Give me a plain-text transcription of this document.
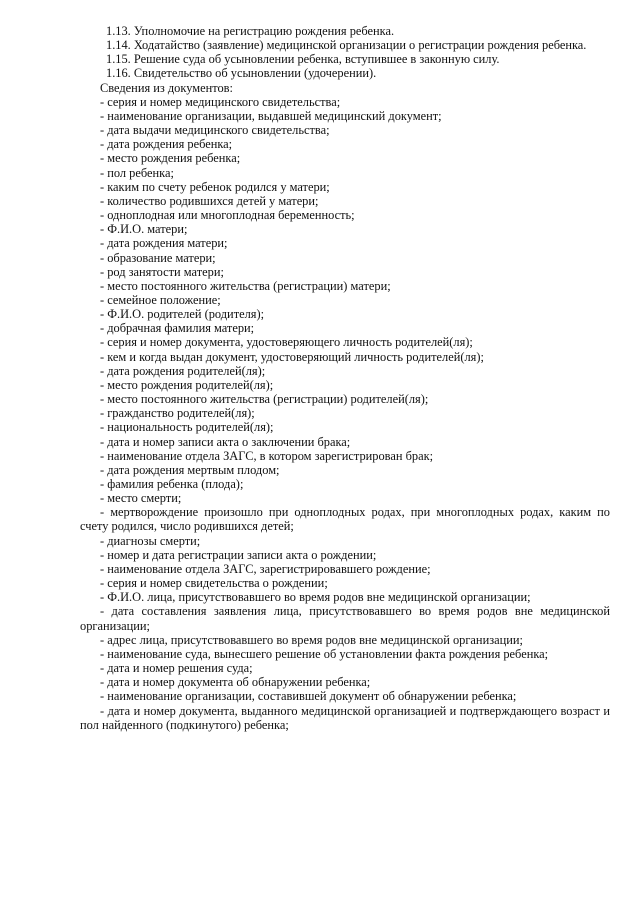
1.13. Уполномочие на регистрацию рождения ребенка.

1.14. Ходатайство (заявление) медицинской организации о регистрации рождения ребенка.

1.15. Решение суда об усыновлении ребенка, вступившее в законную силу.

1.16. Свидетельство об усыновлении (удочерении).

Сведения из документов:

- серия и номер медицинского свидетельства;

- наименование организации, выдавшей медицинский документ;

- дата выдачи медицинского свидетельства;

- дата рождения ребенка;

- место рождения ребенка;

- пол ребенка;

- каким по счету ребенок родился у матери;

- количество родившихся детей у матери;

- одноплодная или многоплодная беременность;

- Ф.И.О. матери;

- дата рождения матери;

- образование матери;

- род занятости матери;

- место постоянного жительства (регистрации) матери;

- семейное положение;

- Ф.И.О. родителей (родителя);

- добрачная фамилия матери;

- серия и номер документа, удостоверяющего личность родителей(ля);

- кем и когда выдан документ, удостоверяющий личность родителей(ля);

- дата рождения родителей(ля);

- место рождения родителей(ля);

- место постоянного жительства (регистрации) родителей(ля);

- гражданство родителей(ля);

- национальность родителей(ля);

- дата и номер записи акта о заключении брака;

- наименование отдела ЗАГС, в котором зарегистрирован брак;

- дата рождения мертвым плодом;

- фамилия ребенка (плода);

- место смерти;

- мертворождение произошло при одноплодных родах, при многоплодных родах, каким по счету родился, число родившихся детей;

- диагнозы смерти;

- номер и дата регистрации записи акта о рождении;

- наименование отдела ЗАГС, зарегистрировавшего рождение;

- серия и номер свидетельства о рождении;

- Ф.И.О. лица, присутствовавшего во время родов вне медицинской организации;

- дата составления заявления лица, присутствовавшего во время родов вне медицинской организации;

- адрес лица, присутствовавшего во время родов вне медицинской организации;

- наименование суда, вынесшего решение об установлении факта рождения ребенка;

- дата и номер решения суда;

- дата и номер документа об обнаружении ребенка;

- наименование организации, составившей документ об обнаружении ребенка;

- дата и номер документа, выданного медицинской организацией и подтверждающего возраст и пол найденного (подкинутого) ребенка;
